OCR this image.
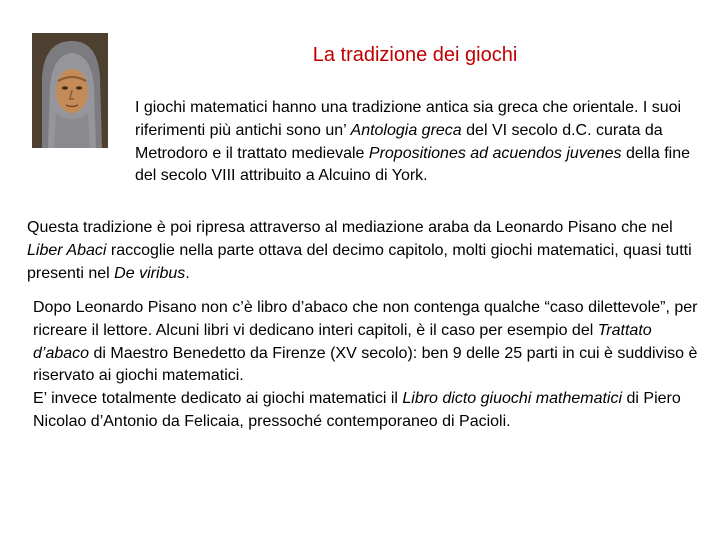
La tradizione dei giochi

I giochi matematici hanno una tradizione antica sia greca che orientale. I suoi riferimenti più antichi sono un’ Antologia greca del VI secolo d.C. curata da Metrodoro e il trattato medievale Propositiones ad acuendos juvenes della fine del secolo VIII attribuito a Alcuino di York.

Questa tradizione è poi ripresa attraverso al mediazione araba da Leonardo Pisano che nel Liber Abaci raccoglie nella parte ottava del decimo capitolo, molti giochi matematici, quasi tutti presenti nel De viribus.

Dopo Leonardo Pisano non c’è libro d’abaco che non contenga qualche “caso dilettevole”, per ricreare il lettore. Alcuni libri vi dedicano interi capitoli, è il caso per esempio del Trattato d’abaco di Maestro Benedetto da Firenze (XV secolo): ben 9 delle 25 parti in cui è suddiviso è riservato ai giochi matematici.
E’ invece totalmente dedicato ai giochi matematici il Libro dicto giuochi mathematici di Piero Nicolao d’Antonio da Felicaia, pressoché contemporaneo di Pacioli.
